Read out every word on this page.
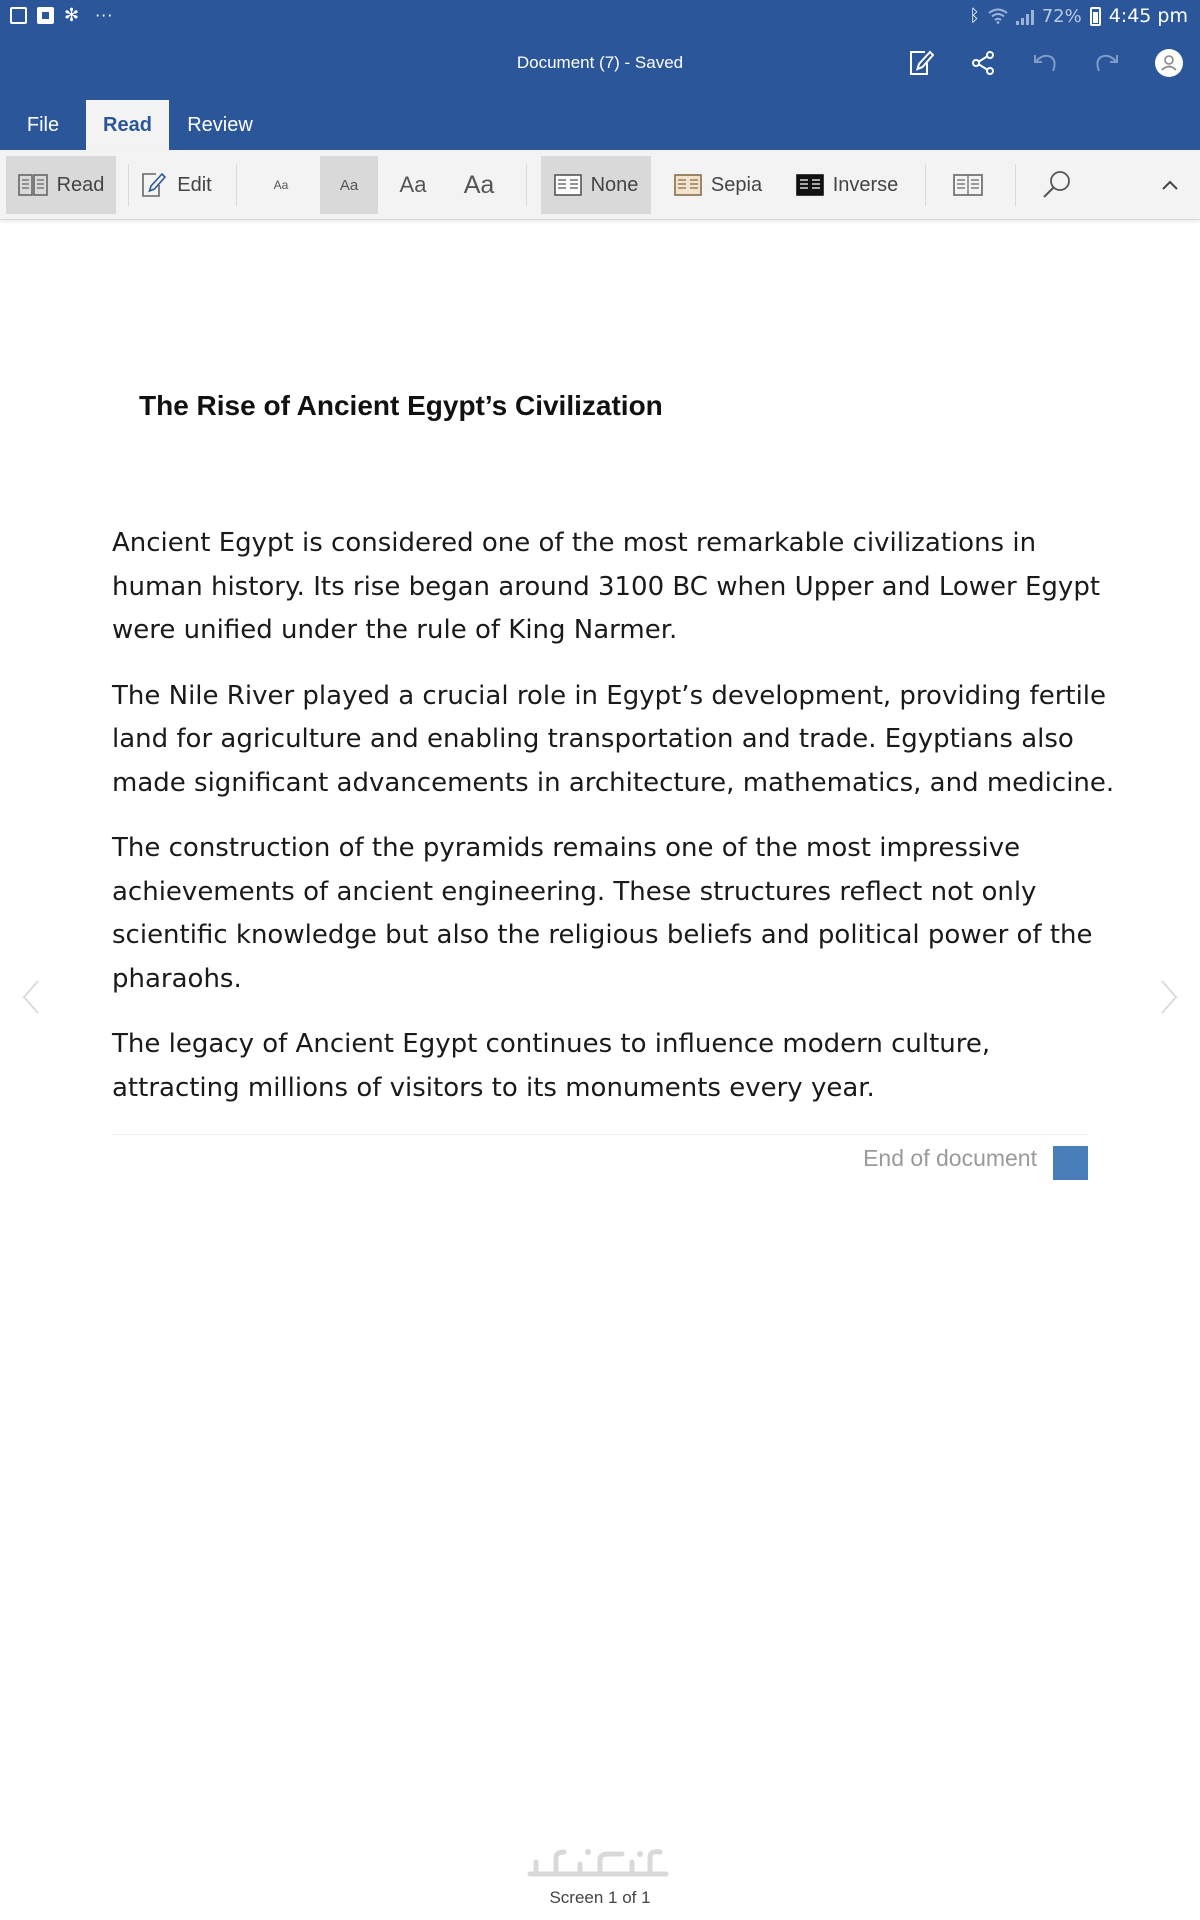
✻ ···	ᛒ	72% 4:45 pm
Document (7) - Saved
File	Read	Review
Read	Edit	Aa	Aa Aa Aa	None	Sepia	Inverse
The Rise of Ancient Egypt’s Civilization

Ancient Egypt is considered one of the most remarkable civilizations in
human history. Its rise began around 3100 BC when Upper and Lower Egypt
were unified under the rule of King Narmer.

The Nile River played a crucial role in Egypt’s development, providing fertile
land for agriculture and enabling transportation and trade. Egyptians also
made significant advancements in architecture, mathematics, and medicine.

The construction of the pyramids remains one of the most impressive
achievements of ancient engineering. These structures reflect not only
scientific knowledge but also the religious beliefs and political power of the
pharaohs.

The legacy of Ancient Egypt continues to influence modern culture,
attracting millions of visitors to its monuments every year.

End of document
Screen 1 of 1
